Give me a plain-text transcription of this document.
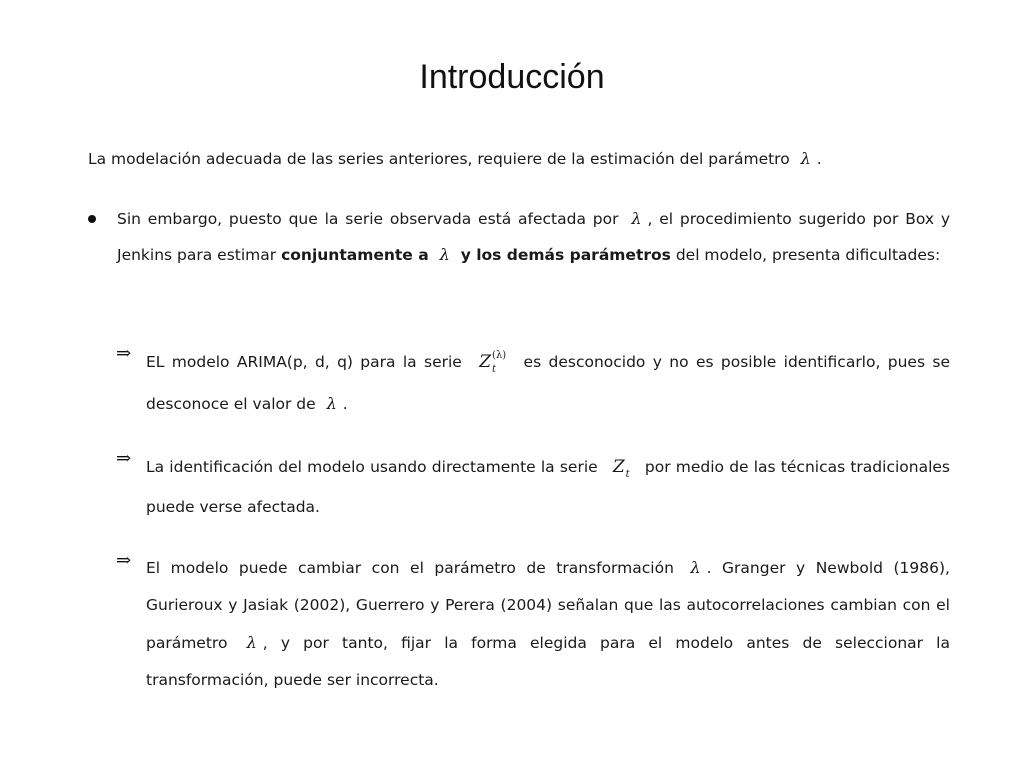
Introducción
La modelación adecuada de las series anteriores, requiere de la estimación del parámetro λ .
Sin embargo, puesto que la serie observada está afectada por λ , el procedimiento sugerido por Box y Jenkins para estimar conjuntamente a λ y los demás parámetros del modelo, presenta dificultades:
⇒ EL modelo ARIMA(p, d, q) para la serie $Z_t^{(\lambda)}$ es desconocido y no es posible identificarlo, pues se desconoce el valor de λ .
⇒ La identificación del modelo usando directamente la serie $Z_t$ por medio de las técnicas tradicionales puede verse afectada.
⇒ El modelo puede cambiar con el parámetro de transformación λ . Granger y Newbold (1986), Gurieroux y Jasiak (2002), Guerrero y Perera (2004) señalan que las autocorrelaciones cambian con el parámetro λ , y por tanto, fijar la forma elegida para el modelo antes de seleccionar la transformación, puede ser incorrecta.
